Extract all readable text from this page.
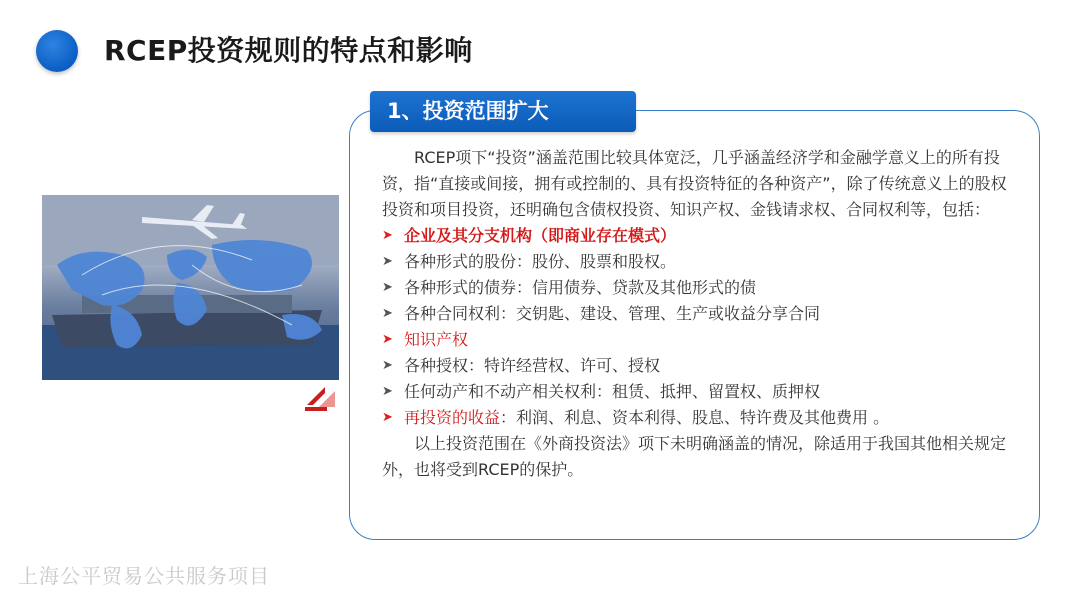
RCEP投资规则的特点和影响
1、投资范围扩大

RCEP项下“投资”涵盖范围比较具体宽泛，几乎涵盖经济学和金融学意义上的所有投资，指“直接或间接，拥有或控制的、具有投资特征的各种资产”，除了传统意义上的股权投资和项目投资，还明确包含债权投资、知识产权、金钱请求权、合同权利等，包括：

➤ 企业及其分支机构（即商业存在模式）
➤ 各种形式的股份：股份、股票和股权。
➤ 各种形式的债券：信用债券、贷款及其他形式的债
➤ 各种合同权利：交钥匙、建设、管理、生产或收益分享合同
➤ 知识产权
➤ 各种授权：特许经营权、许可、授权
➤ 任何动产和不动产相关权利：租赁、抵押、留置权、质押权
➤ 再投资的收益：利润、利息、资本利得、股息、特许费及其他费用 。

以上投资范围在《外商投资法》项下未明确涵盖的情况，除适用于我国其他相关规定外，也将受到RCEP的保护。

上海公平贸易公共服务项目
